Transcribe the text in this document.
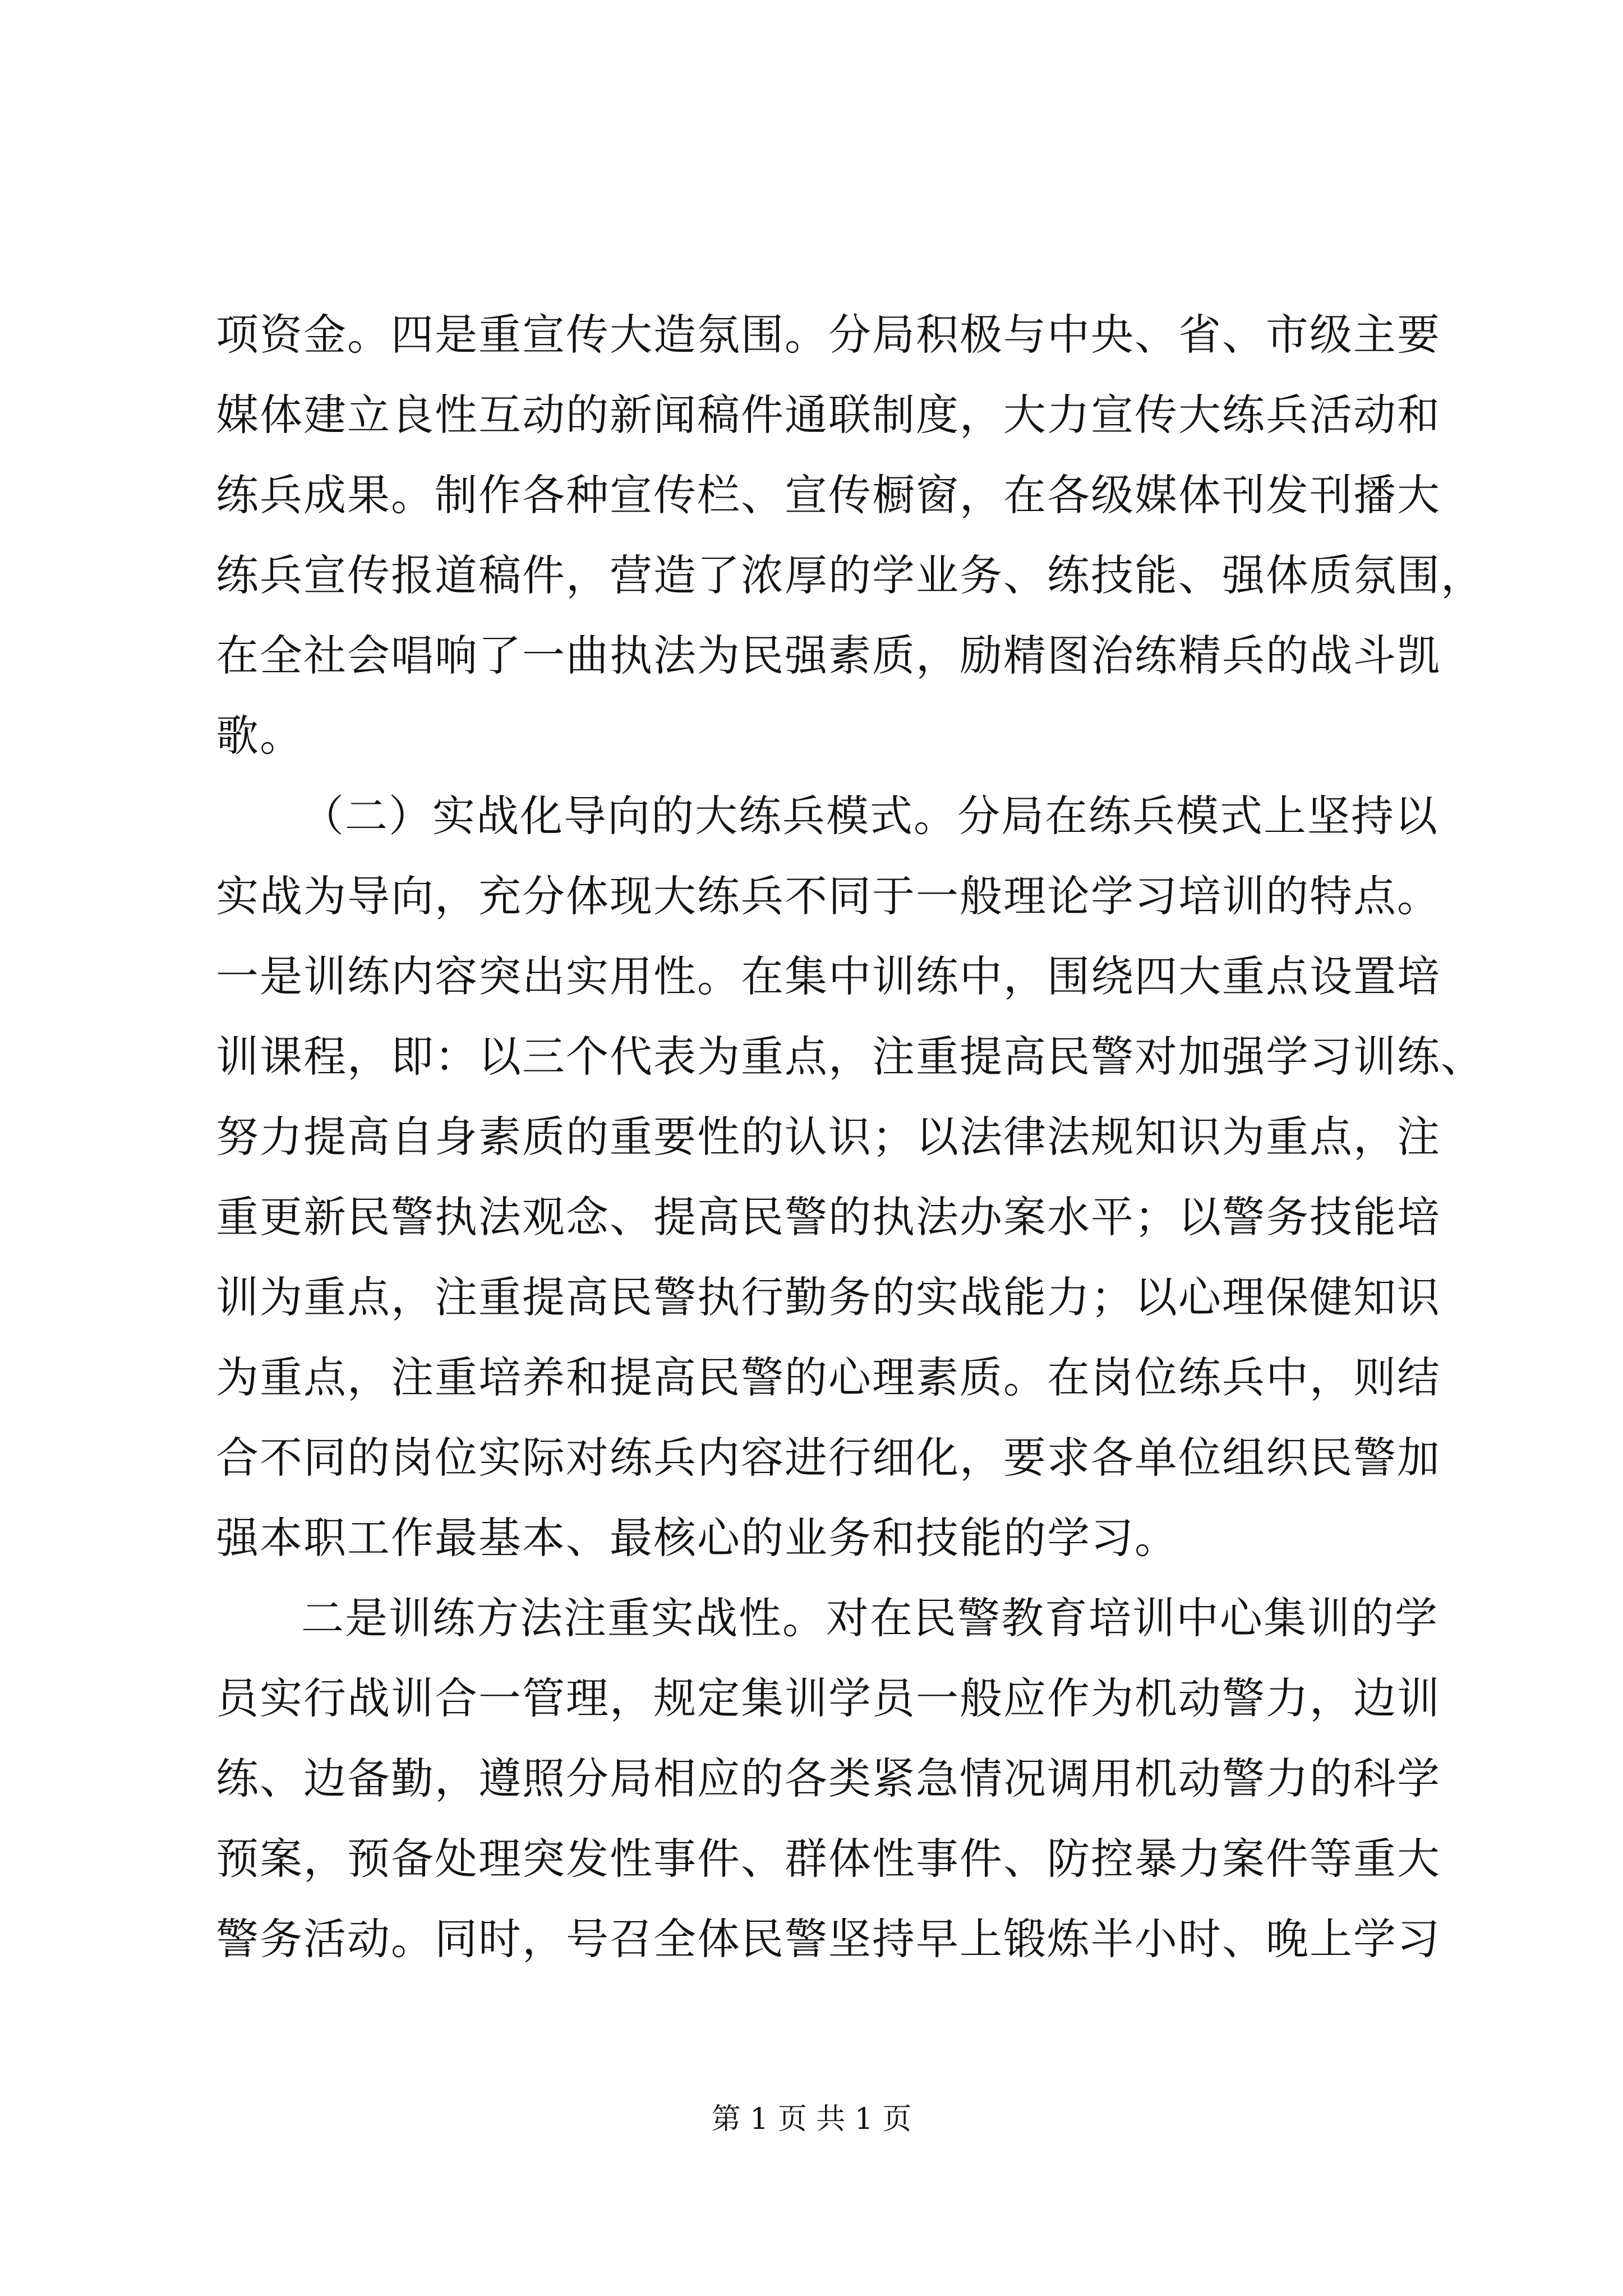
项资金。四是重宣传大造氛围。分局积极与中央、省、市级主要
媒体建立良性互动的新闻稿件通联制度，大力宣传大练兵活动和
练兵成果。制作各种宣传栏、宣传橱窗，在各级媒体刊发刊播大
练兵宣传报道稿件，营造了浓厚的学业务、练技能、强体质氛围，
在全社会唱响了一曲执法为民强素质，励精图治练精兵的战斗凯
歌。
（二）实战化导向的大练兵模式。分局在练兵模式上坚持以
实战为导向，充分体现大练兵不同于一般理论学习培训的特点。
一是训练内容突出实用性。在集中训练中，围绕四大重点设置培
训课程，即：以三个代表为重点，注重提高民警对加强学习训练、
努力提高自身素质的重要性的认识；以法律法规知识为重点，注
重更新民警执法观念、提高民警的执法办案水平；以警务技能培
训为重点，注重提高民警执行勤务的实战能力；以心理保健知识
为重点，注重培养和提高民警的心理素质。在岗位练兵中，则结
合不同的岗位实际对练兵内容进行细化，要求各单位组织民警加
强本职工作最基本、最核心的业务和技能的学习。
二是训练方法注重实战性。对在民警教育培训中心集训的学
员实行战训合一管理，规定集训学员一般应作为机动警力，边训
练、边备勤，遵照分局相应的各类紧急情况调用机动警力的科学
预案，预备处理突发性事件、群体性事件、防控暴力案件等重大
警务活动。同时，号召全体民警坚持早上锻炼半小时、晚上学习
第 1 页 共 1 页
